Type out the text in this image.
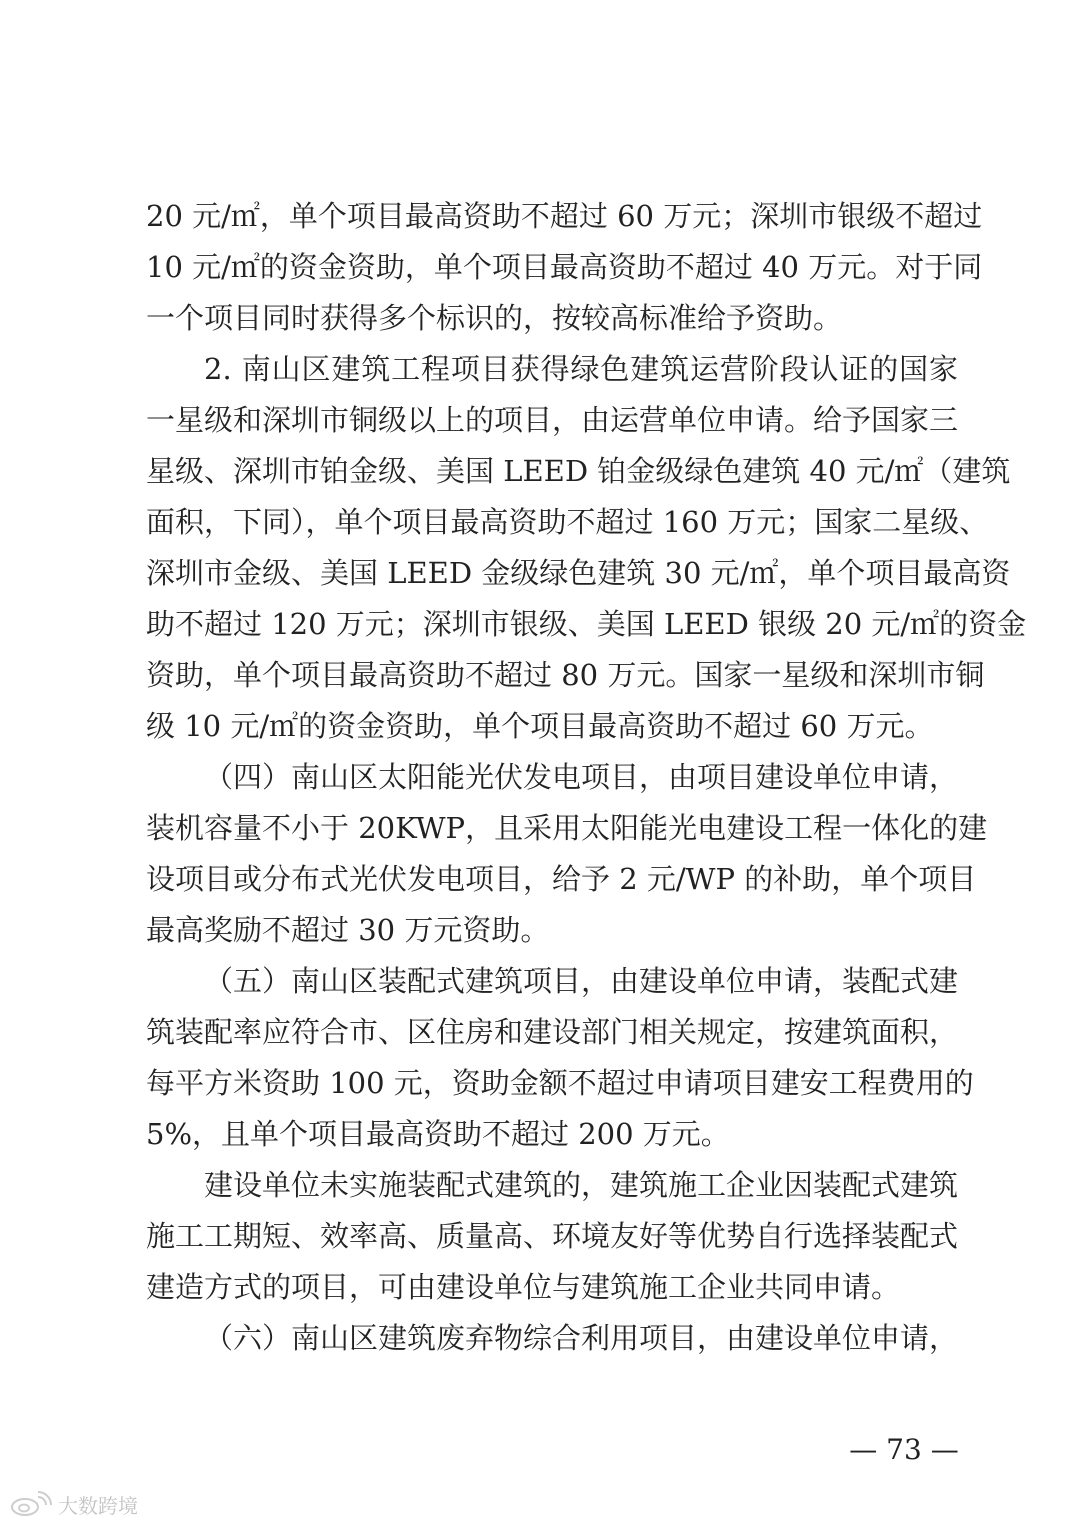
20 元/㎡，单个项目最高资助不超过 60 万元；深圳市银级不超过
10 元/㎡的资金资助，单个项目最高资助不超过 40 万元。对于同
一个项目同时获得多个标识的，按较高标准给予资助。
2. 南山区建筑工程项目获得绿色建筑运营阶段认证的国家
一星级和深圳市铜级以上的项目，由运营单位申请。给予国家三
星级、深圳市铂金级、美国 LEED 铂金级绿色建筑 40 元/㎡（建筑
面积，下同），单个项目最高资助不超过 160 万元；国家二星级、
深圳市金级、美国 LEED 金级绿色建筑 30 元/㎡，单个项目最高资
助不超过 120 万元；深圳市银级、美国 LEED 银级 20 元/㎡的资金
资助，单个项目最高资助不超过 80 万元。国家一星级和深圳市铜
级 10 元/㎡的资金资助，单个项目最高资助不超过 60 万元。
（四）南山区太阳能光伏发电项目，由项目建设单位申请，
装机容量不小于 20KWP，且采用太阳能光电建设工程一体化的建
设项目或分布式光伏发电项目，给予 2 元/WP 的补助，单个项目
最高奖励不超过 30 万元资助。
（五）南山区装配式建筑项目，由建设单位申请，装配式建
筑装配率应符合市、区住房和建设部门相关规定，按建筑面积，
每平方米资助 100 元，资助金额不超过申请项目建安工程费用的
5%，且单个项目最高资助不超过 200 万元。
建设单位未实施装配式建筑的，建筑施工企业因装配式建筑
施工工期短、效率高、质量高、环境友好等优势自行选择装配式
建造方式的项目，可由建设单位与建筑施工企业共同申请。
（六）南山区建筑废弃物综合利用项目，由建设单位申请，
— 73 —
大数跨境
